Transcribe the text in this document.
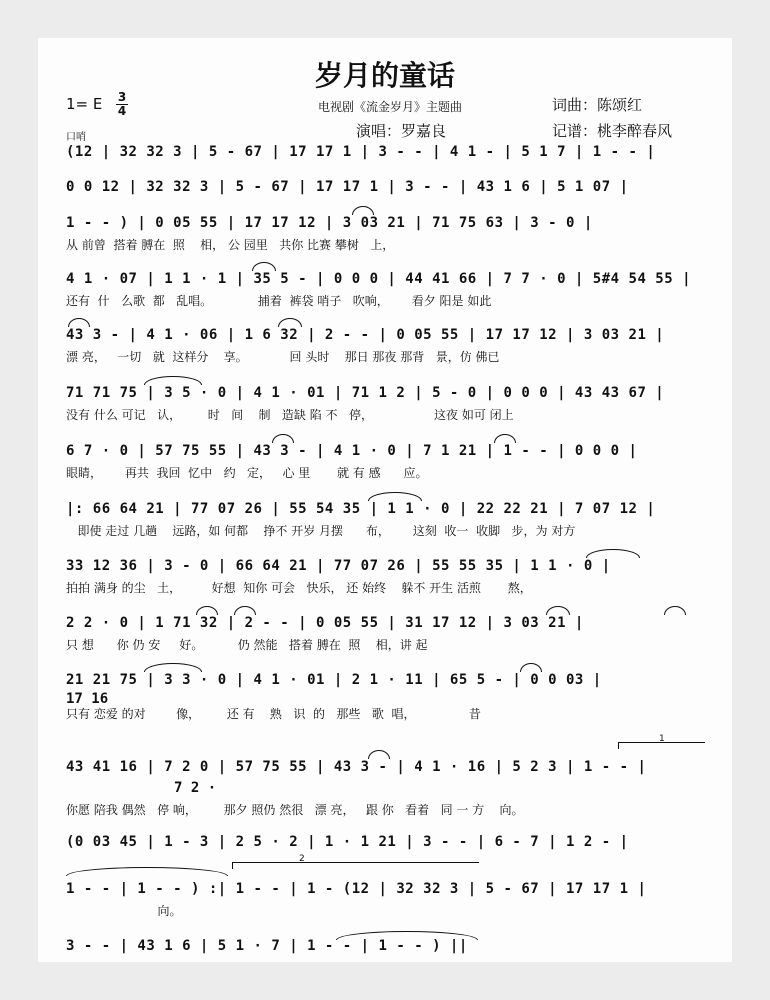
岁月的童话
1= E $\frac{3}{4}$	电视剧《流金岁月》主题曲	词曲：陈颂红
演唱：罗嘉良	记谱：桃李醉春风
口哨
(12 | 32 32 3 | 5 - 67 | 17 17 1 | 3 - - | 4 1 - | 5 1 7 | 1 - - |
0 0 12 | 32 32 3 | 5 - 67 | 17 17 1 | 3 - - | 43 1 6 | 5 1 07 |
1 - - ) | 0 05 55 | 17 17 12 | 3 03 21 | 71 75 63 | 3 - 0 |
从 前曾  搭着 膊在  照    相， 公 园里   共你 比赛 攀树   上，
4 1 · 07 | 1 1 · 1 | 35 5 - | 0 0 0 | 44 41 66 | 7 7 · 0 | 5#4 54 55 |
还有  什   么歌  都   乱唱。            捕着  裤袋 哨子   吹响，      看夕 阳是 如此
43 3 - | 4 1 · 06 | 1 6 32 | 2 - - | 0 05 55 | 17 17 12 | 3 03 21 |
漂 亮，   一切   就  这样分    享。           回 头时    那日 那夜 那背   景，仿 佛已
71 71 75 | 3 5 · 0 | 4 1 · 01 | 71 1 2 | 5 - 0 | 0 0 0 | 43 43 67 |
没有 什么 可记   认，       时   间    制   造缺 陷 不   停，                这夜 如可 闭上
6 7 · 0 | 57 75 55 | 43 3 - | 4 1 · 0 | 7 1 21 | 1 - - | 0 0 0 |
眼睛，      再共  我回  忆中   约   定，   心 里       就 有 感      应。
|: 66 64 21 | 77 07 26 | 55 54 35 | 1 1 · 0 | 22 22 21 | 7 07 12 |
即使 走过 几趟    远路，如 何都    挣不 开岁 月摆      布，      这刻  收一  收脚   步，为 对方
33 12 36 | 3 - 0 | 66 64 21 | 77 07 26 | 55 55 35 | 1 1 · 0 |
拍拍 满身 的尘   土，        好想  知你 可会   快乐， 还 始终    躲不 开生 活煎       熬，
2 2 · 0 | 1 71 32 | 2 - - | 0 05 55 | 31 17 12 | 3 03 21 |
只 想      你 仍 安     好。         仍 然能   搭着 膊在  照    相，讲 起
21 21 75 | 3 3 · 0 | 4 1 · 01 | 2 1 · 11 | 65 5 - | 0 0 03 |
只有 恋爱 的对        像，       还 有    熟   识  的   那些   歌  唱，              昔
17 16
43 41 16 | 7 2 0 | 57 75 55 | 43 3 - | 4 1 · 16 | 5 2 3 | 1 - - |
你愿 陪我 偶然   停 响，       那夕 照仍 然很   漂 亮，   跟 你   看着   同 一 方    向。
7 2 ·
1
(0 03 45 | 1 - 3 | 2 5 · 2 | 1 · 1 21 | 3 - - | 6 - 7 | 1 2 - |
1 - - | 1 - - ) :| 1 - - | 1 - (12 | 32 32 3 | 5 - 67 | 17 17 1 |
向。
2
3 - - | 43 1 6 | 5 1 · 7 | 1 - - | 1 - - ) ||
